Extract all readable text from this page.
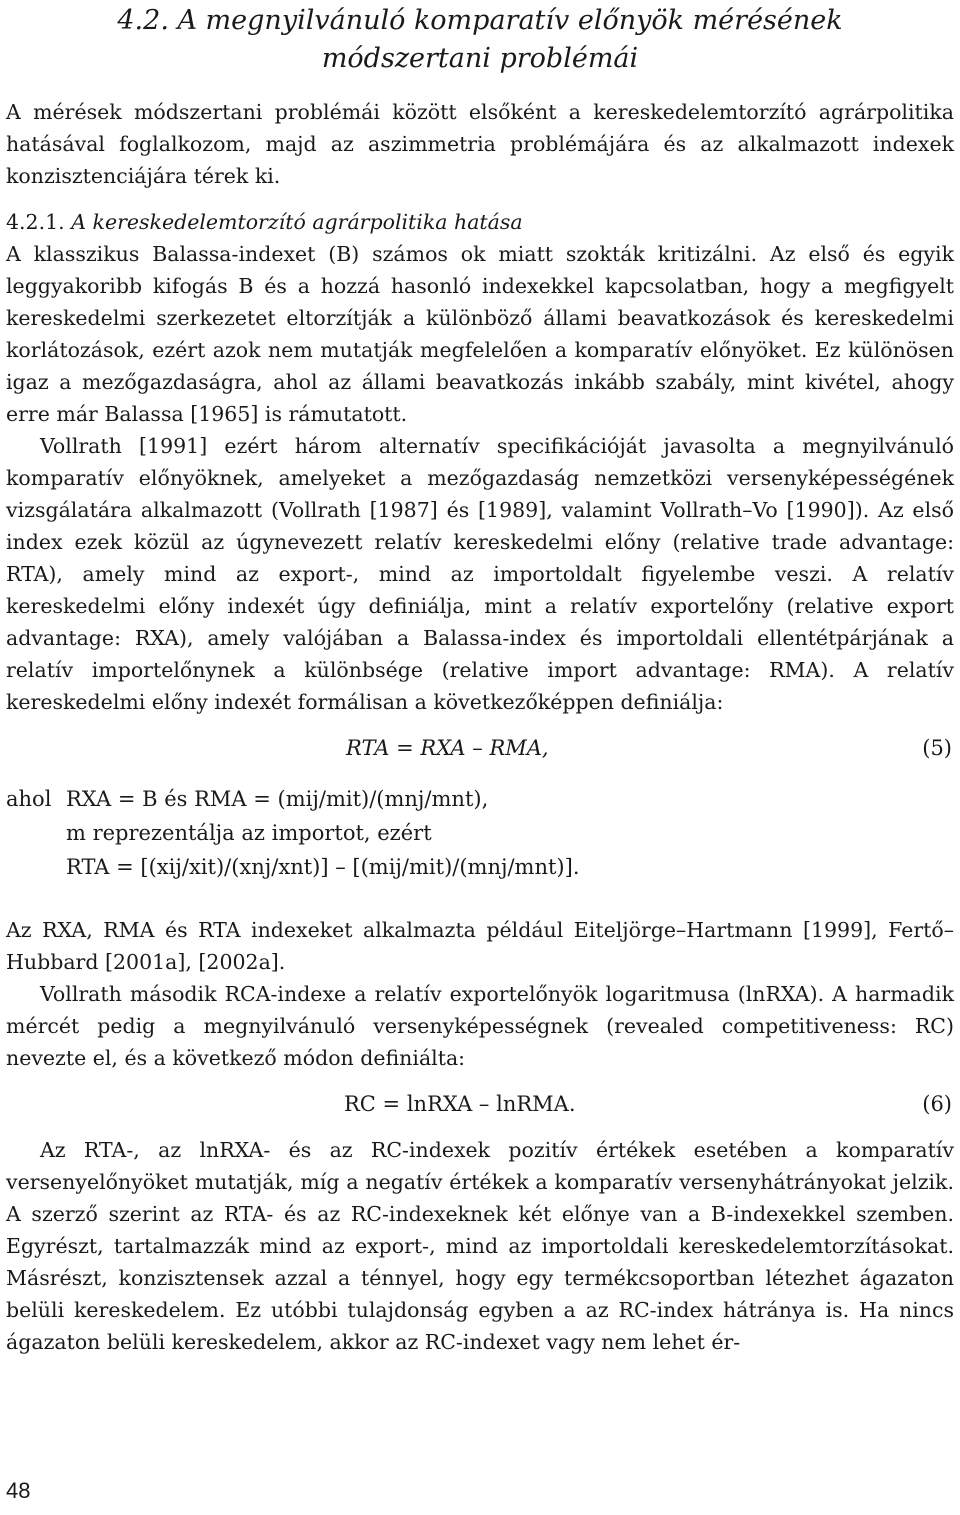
4.2. A megnyilvánuló komparatív előnyök mérésének
módszertani problémái

A mérések módszertani problémái között elsőként a kereskedelemtorzító agrárpolitika hatásával foglalkozom, majd az aszimmetria problémájára és az alkalmazott indexek konzisztenciájára térek ki.

4.2.1. A kereskedelemtorzító agrárpolitika hatása

A klasszikus Balassa-indexet (B) számos ok miatt szokták kritizálni. Az első és egyik leggyakoribb kifogás B és a hozzá hasonló indexekkel kapcsolatban, hogy a megfigyelt kereskedelmi szerkezetet eltorzítják a különböző állami beavatkozások és kereskedelmi korlátozások, ezért azok nem mutatják megfelelően a komparatív előnyöket. Ez különösen igaz a mezőgazdaságra, ahol az állami beavatkozás inkább szabály, mint kivétel, ahogy erre már Balassa [1965] is rámutatott.

Vollrath [1991] ezért három alternatív specifikációját javasolta a megnyilvánuló komparatív előnyöknek, amelyeket a mezőgazdaság nemzetközi versenyképességének vizsgálatára alkalmazott (Vollrath [1987] és [1989], valamint Vollrath–Vo [1990]). Az első index ezek közül az úgynevezett relatív kereskedelmi előny (relative trade advantage: RTA), amely mind az export-, mind az importoldalt figyelembe veszi. A relatív kereskedelmi előny indexét úgy definiálja, mint a relatív exportelőny (relative export advantage: RXA), amely valójában a Balassa-index és importoldali ellentétpárjának a relatív importelőnynek a különbsége (relative import advantage: RMA). A relatív kereskedelmi előny indexét formálisan a következőképpen definiálja:

RTA = RXA – RMA,	(5)
ahol RXA = B és RMA = (mij/mit)/(mnj/mnt),
m reprezentálja az importot, ezért
RTA = [(xij/xit)/(xnj/xnt)] – [(mij/mit)/(mnj/mnt)].

Az RXA, RMA és RTA indexeket alkalmazta például Eiteljörge–Hartmann [1999], Fertő–Hubbard [2001a], [2002a].

Vollrath második RCA-indexe a relatív exportelőnyök logaritmusa (lnRXA). A harmadik mércét pedig a megnyilvánuló versenyképességnek (revealed competitiveness: RC) nevezte el, és a következő módon definiálta:

RC = lnRXA – lnRMA.	(6)

Az RTA-, az lnRXA- és az RC-indexek pozitív értékek esetében a komparatív versenyelőnyöket mutatják, míg a negatív értékek a komparatív versenyhátrányokat jelzik. A szerző szerint az RTA- és az RC-indexeknek két előnye van a B-indexekkel szemben. Egyrészt, tartalmazzák mind az export-, mind az importoldali kereskedelemtorzításokat. Másrészt, konzisztensek azzal a ténnyel, hogy egy termékcsoportban létezhet ágazaton belüli kereskedelem. Ez utóbbi tulajdonság egyben a az RC-index hátránya is. Ha nincs ágazaton belüli kereskedelem, akkor az RC-indexet vagy nem lehet ér-

48
